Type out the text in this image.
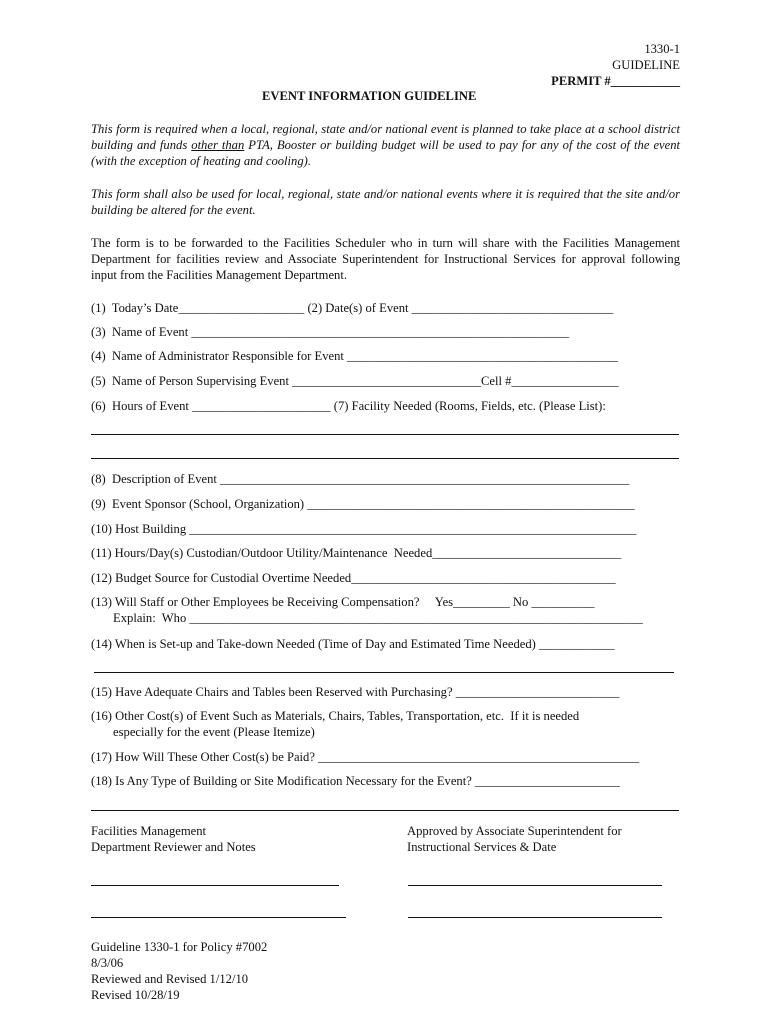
1330-1
GUIDELINE
PERMIT #___________
EVENT INFORMATION GUIDELINE
This form is required when a local, regional, state and/or national event is planned to take place at a school district building and funds other than PTA, Booster or building budget will be used to pay for any of the cost of the event (with the exception of heating and cooling).
This form shall also be used for local, regional, state and/or national events where it is required that the site and/or building be altered for the event.
The form is to be forwarded to the Facilities Scheduler who in turn will share with the Facilities Management Department for facilities review and Associate Superintendent for Instructional Services for approval following input from the Facilities Management Department.
(1)  Today’s Date____________________ (2) Date(s) of Event ________________________________
(3)  Name of Event ____________________________________________________________
(4)  Name of Administrator Responsible for Event ___________________________________________
(5)  Name of Person Supervising Event ______________________________Cell #_________________
(6)  Hours of Event ______________________ (7) Facility Needed (Rooms, Fields, etc. (Please List):
(8)  Description of Event _________________________________________________________________
(9)  Event Sponsor (School, Organization) ____________________________________________________
(10) Host Building _______________________________________________________________________
(11) Hours/Day(s) Custodian/Outdoor Utility/Maintenance  Needed______________________________
(12) Budget Source for Custodial Overtime Needed__________________________________________
(13) Will Staff or Other Employees be Receiving Compensation?     Yes_________ No __________
Explain:  Who ________________________________________________________________________
(14) When is Set-up and Take-down Needed (Time of Day and Estimated Time Needed) ____________
(15) Have Adequate Chairs and Tables been Reserved with Purchasing? __________________________
(16) Other Cost(s) of Event Such as Materials, Chairs, Tables, Transportation, etc.  If it is needed
especially for the event (Please Itemize)
(17) How Will These Other Cost(s) be Paid? ___________________________________________________
(18) Is Any Type of Building or Site Modification Necessary for the Event? _______________________
Facilities Management
Department Reviewer and Notes
Approved by Associate Superintendent for
Instructional Services & Date
Guideline 1330-1 for Policy #7002
8/3/06
Reviewed and Revised 1/12/10
Revised 10/28/19
